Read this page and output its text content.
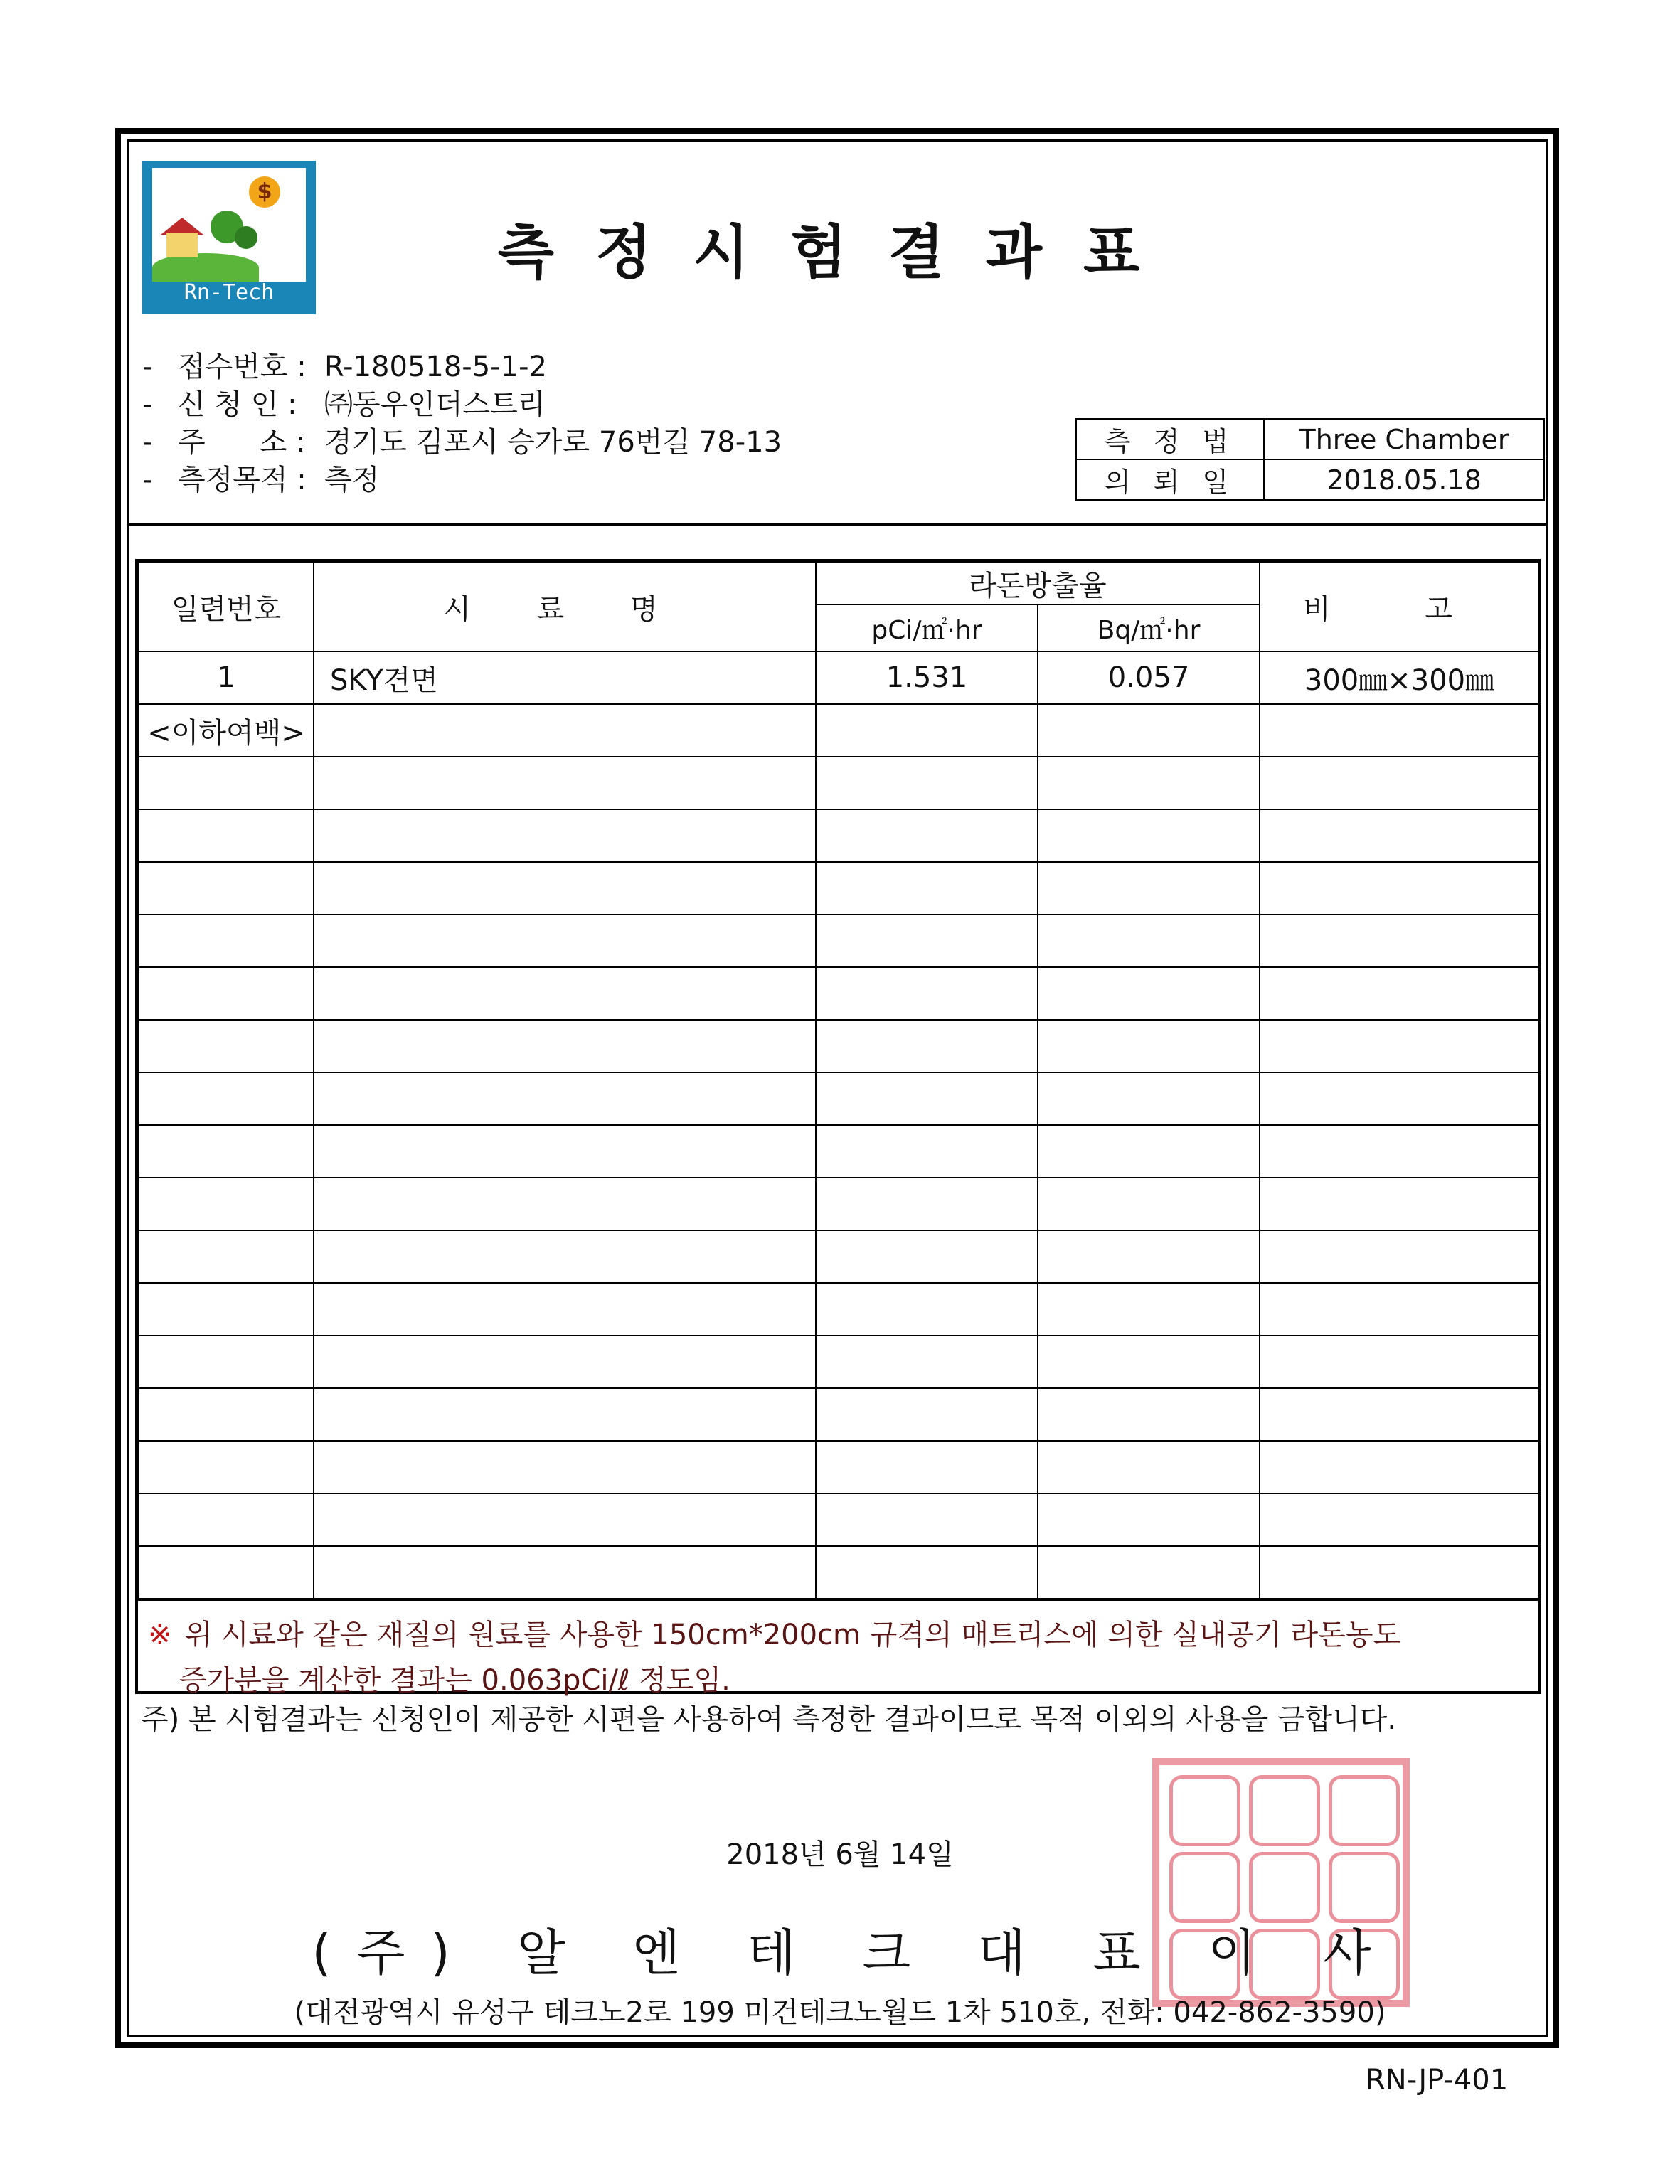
$
Rn-Tech
측정시험결과표
- 접수번호 : R-180518-5-1-2
- 신 청 인 : ㈜동우인더스트리
- 주      소 : 경기도 김포시 승가로 76번길 78-13
- 측정목적 : 측정
측 정 법	Three Chamber
의 뢰 일	2018.05.18
일련번호	시 료 명	라돈방출율		비 고
		pCi/㎡·hr	Bq/㎡·hr	
1	SKY견면	1.531	0.057	300㎜×300㎜
<이하여백>				

※ 위 시료와 같은 재질의 원료를 사용한 150cm*200cm 규격의 매트리스에 의한 실내공기 라돈농도
증가분을 계산한 결과는 0.063pCi/ℓ 정도임.
주) 본 시험결과는 신청인이 제공한 시편을 사용하여 측정한 결과이므로 목적 이외의 사용을 금합니다.
2018년 6월 14일
(주) 알 엔 테 크 대 표 이 사
(대전광역시 유성구 테크노2로 199 미건테크노월드 1차 510호, 전화: 042-862-3590)
RN-JP-401
